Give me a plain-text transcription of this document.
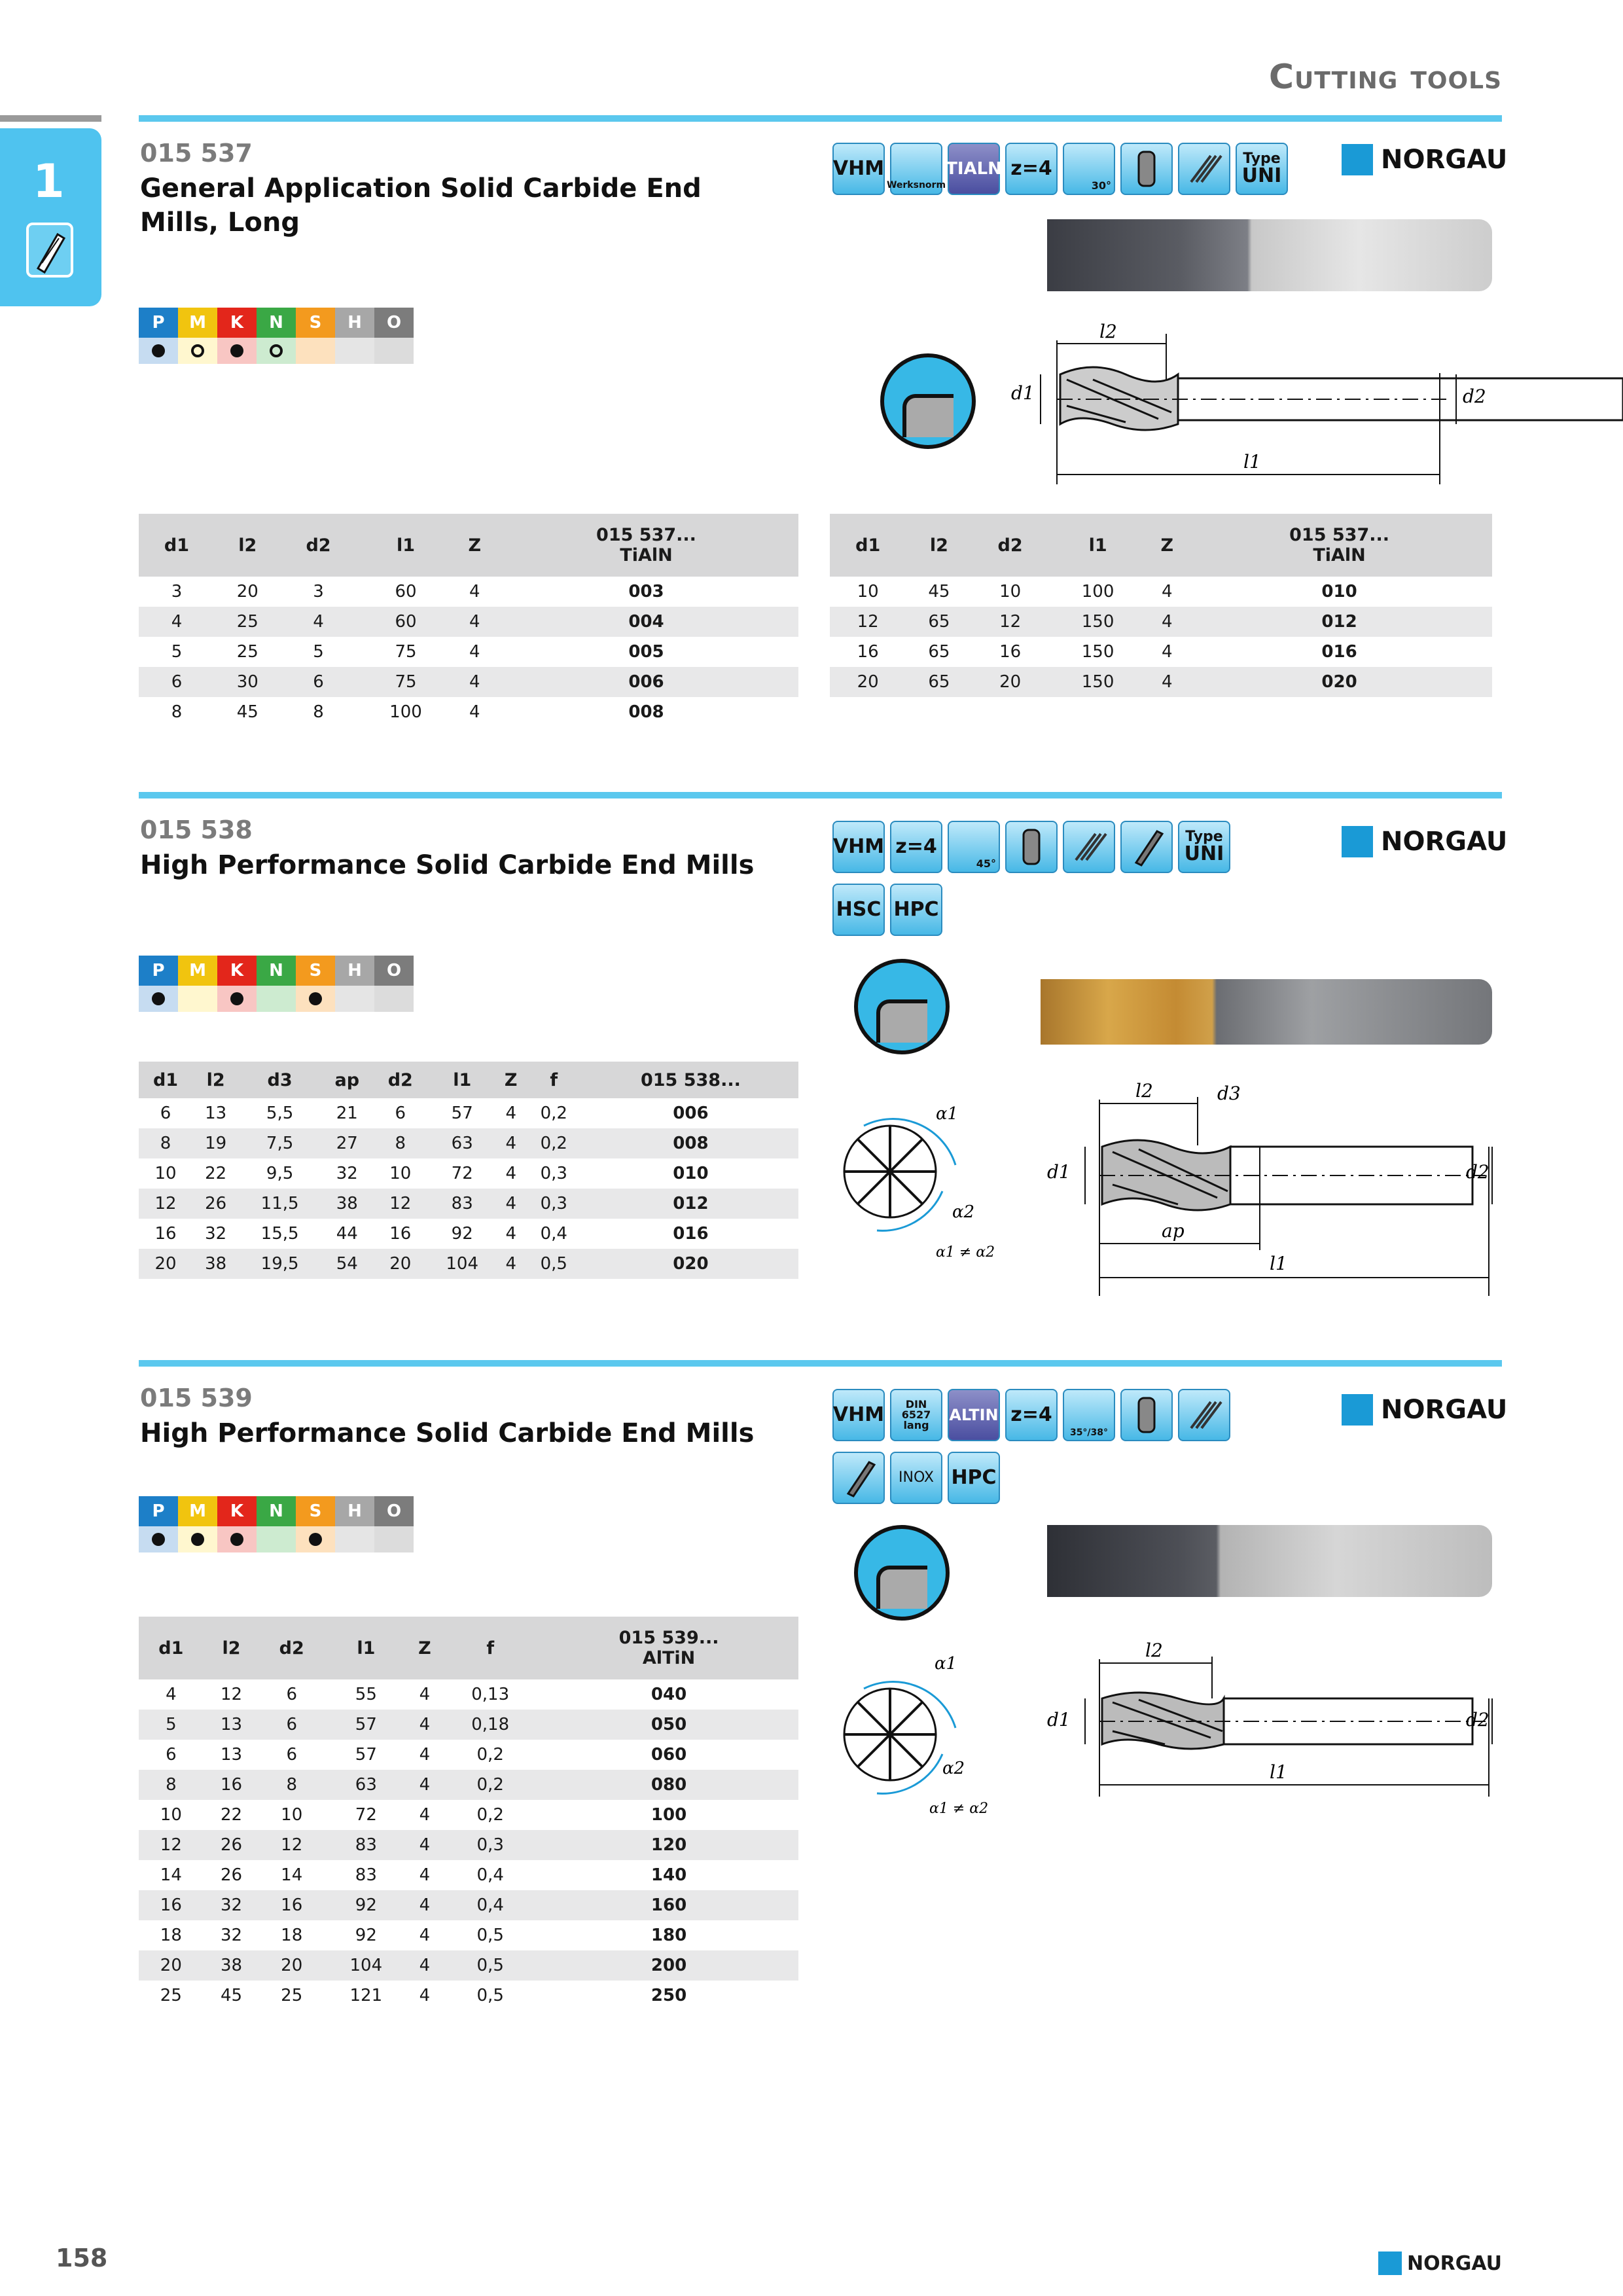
Cutting tools
1
015 537
General Application Solid Carbide End Mills, Long
P	M	K	N	S	H	O
VHM
Werksnorm
TIALN z=4
30°
Type
UNI
NORGAU
l2
d1	d2
l1
d1	l2	d2	l1	Z	015 537...
TiAlN

3	20	3	60	4	003
4	25	4	60	4	004
5	25	5	75	4	005
6	30	6	75	4	006
8	45	8	100	4	008
d1	l2	d2	l1	Z	015 537...
TiAlN

10	45	10	100	4	010
12	65	12	150	4	012
16	65	16	150	4	016
20	65	20	150	4	020
015 538
High Performance Solid Carbide End Mills
P	M	K	N	S	H	O
VHM z=4
45°
Type
UNI
HSC HPC
NORGAU
α1
α2
α1 ≠ α2
l2	d3
d1	d2
ap
l1
d1	l2	d3	ap	d2	l1	Z	f	015 538...
6	13	5,5	21	6	57	4	0,2	006
8	19	7,5	27	8	63	4	0,2	008
10	22	9,5	32	10	72	4	0,3	010
12	26	11,5	38	12	83	4	0,3	012
16	32	15,5	44	16	92	4	0,4	016
20	38	19,5	54	20	104	4	0,5	020
015 539
High Performance Solid Carbide End Mills
P	M	K	N	S	H	O
VHM	DIN 6527 lang
ALTIN z=4
35°/38°
INOX HPC
NORGAU
α1
α2
α1 ≠ α2
l2
d1	d2
l1
d1	l2	d2	l1	Z	f	015 539...
AlTiN

4	12	6	55	4	0,13	040
5	13	6	57	4	0,18	050
6	13	6	57	4	0,2	060
8	16	8	63	4	0,2	080
10	22	10	72	4	0,2	100
12	26	12	83	4	0,3	120
14	26	14	83	4	0,4	140
16	32	16	92	4	0,4	160
18	32	18	92	4	0,5	180
20	38	20	104	4	0,5	200
25	45	25	121	4	0,5	250
158	NORGAU
